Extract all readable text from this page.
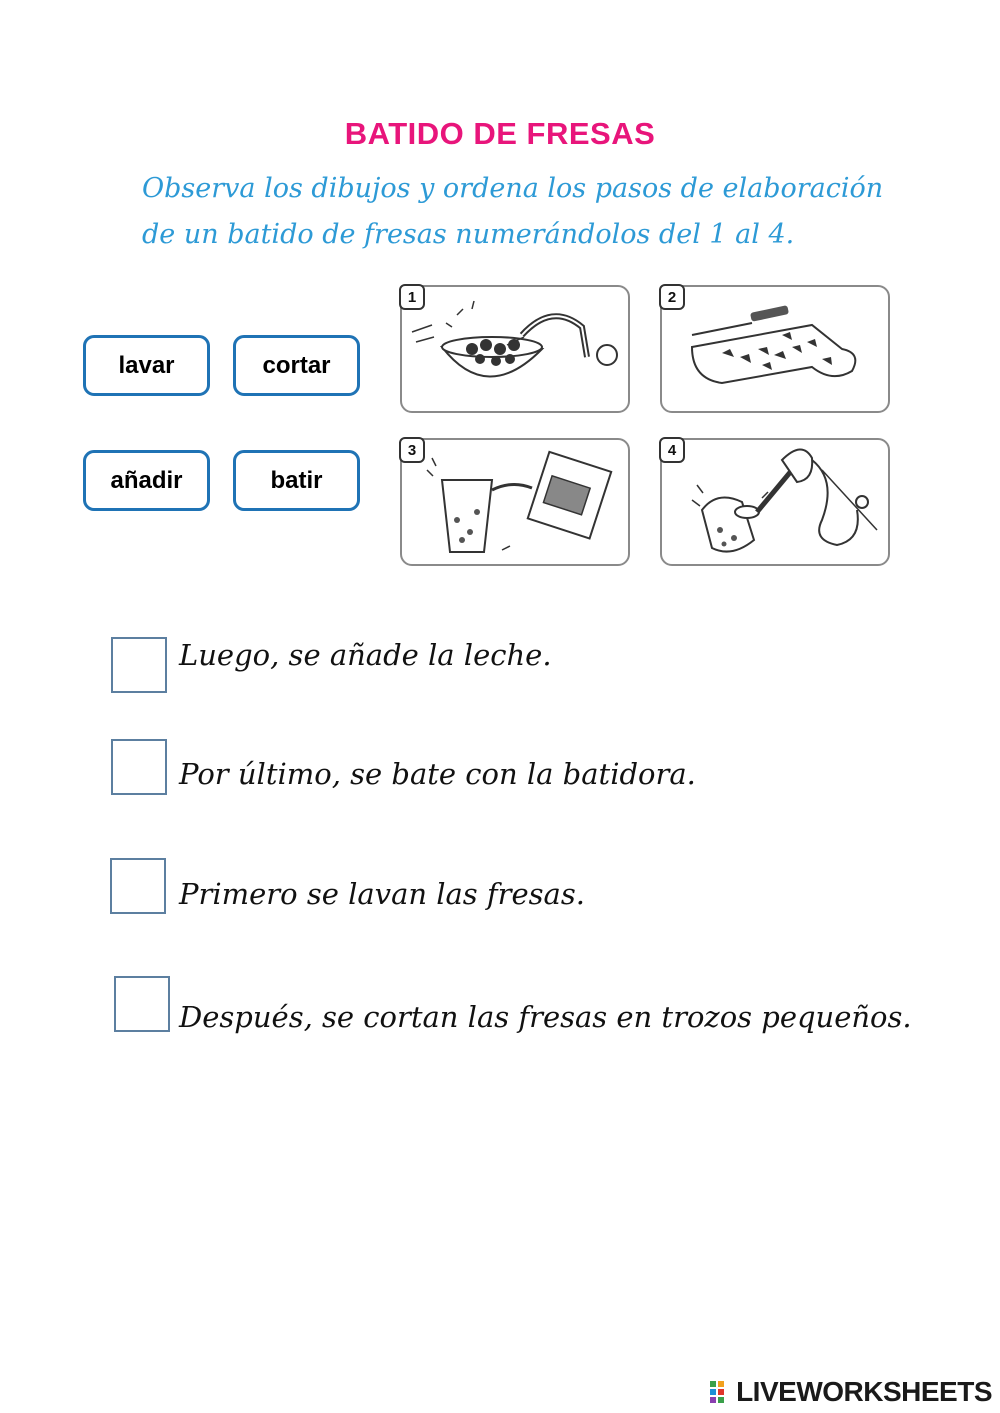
BATIDO DE FRESAS
Observa los dibujos y ordena los pasos de elaboración
de un batido de fresas numerándolos del 1 al 4.
lavar	cortar
añadir	batir
1	2
3	4
Luego, se añade la leche.
Por último, se bate con la batidora.
Primero se lavan las fresas.
Después, se cortan las fresas en trozos pequeños.
LIVEWORKSHEETS
